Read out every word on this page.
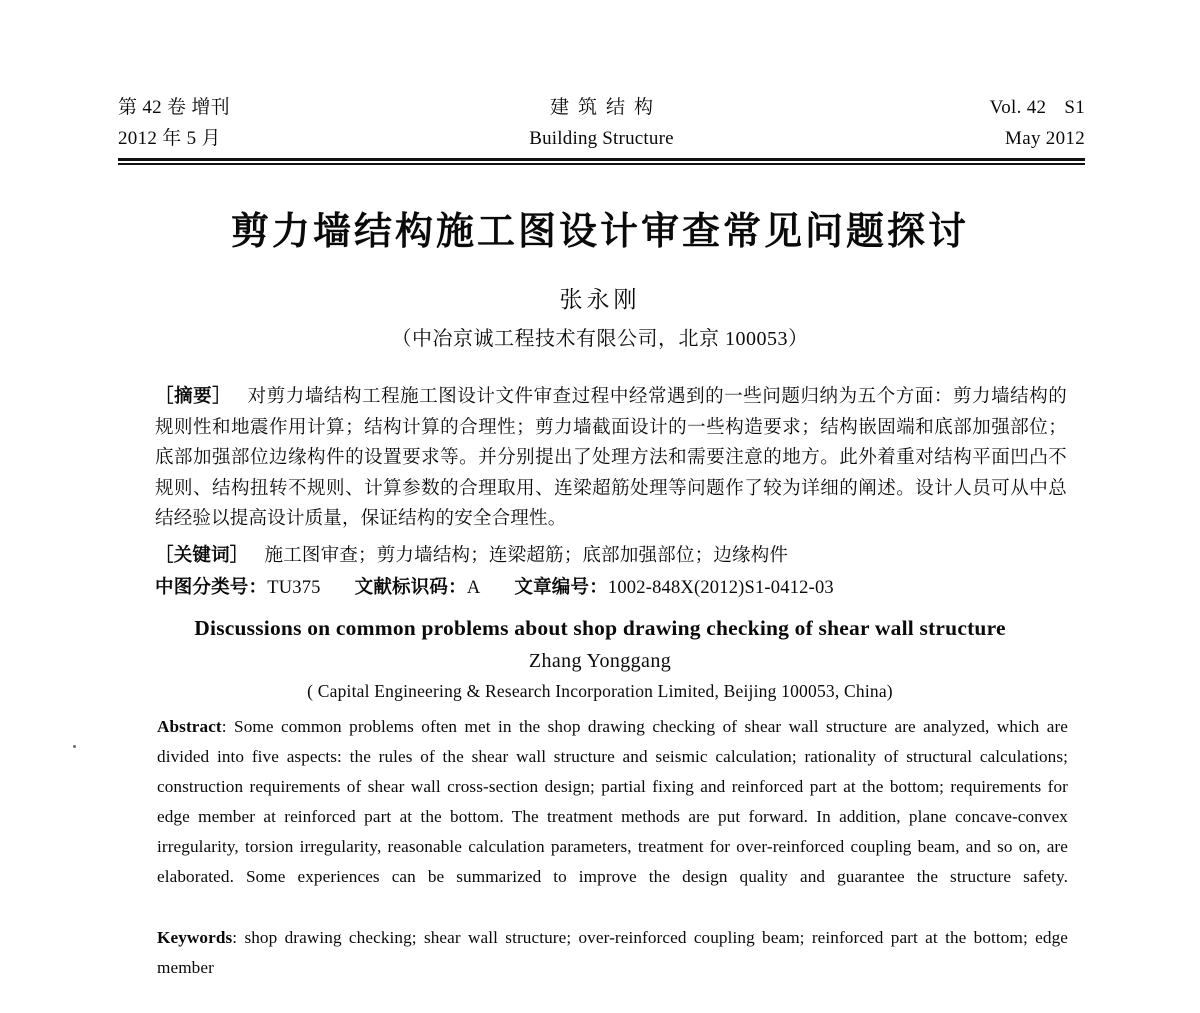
第 42 卷 增刊	建筑结构	Vol. 42 S1
2012 年 5 月	Building Structure	May 2012
剪力墙结构施工图设计审查常见问题探讨
张永刚
（中冶京诚工程技术有限公司，北京 100053）
［摘要］ 对剪力墙结构工程施工图设计文件审查过程中经常遇到的一些问题归纳为五个方面：剪力墙结构的规则性和地震作用计算；结构计算的合理性；剪力墙截面设计的一些构造要求；结构嵌固端和底部加强部位；底部加强部位边缘构件的设置要求等。并分别提出了处理方法和需要注意的地方。此外着重对结构平面凹凸不规则、结构扭转不规则、计算参数的合理取用、连梁超筋处理等问题作了较为详细的阐述。设计人员可从中总结经验以提高设计质量，保证结构的安全合理性。
［关键词］ 施工图审查；剪力墙结构；连梁超筋；底部加强部位；边缘构件
中图分类号：TU375 文献标识码：A 文章编号：1002-848X(2012)S1-0412-03
Discussions on common problems about shop drawing checking of shear wall structure
Zhang Yonggang
( Capital Engineering & Research Incorporation Limited, Beijing 100053, China)
Abstract: Some common problems often met in the shop drawing checking of shear wall structure are analyzed, which are divided into five aspects: the rules of the shear wall structure and seismic calculation; rationality of structural calculations; construction requirements of shear wall cross-section design; partial fixing and reinforced part at the bottom; requirements for edge member at reinforced part at the bottom. The treatment methods are put forward. In addition, plane concave-convex irregularity, torsion irregularity, reasonable calculation parameters, treatment for over-reinforced coupling beam, and so on, are elaborated. Some experiences can be summarized to improve the design quality and guarantee the structure safety.
Keywords: shop drawing checking; shear wall structure; over-reinforced coupling beam; reinforced part at the bottom; edge member
